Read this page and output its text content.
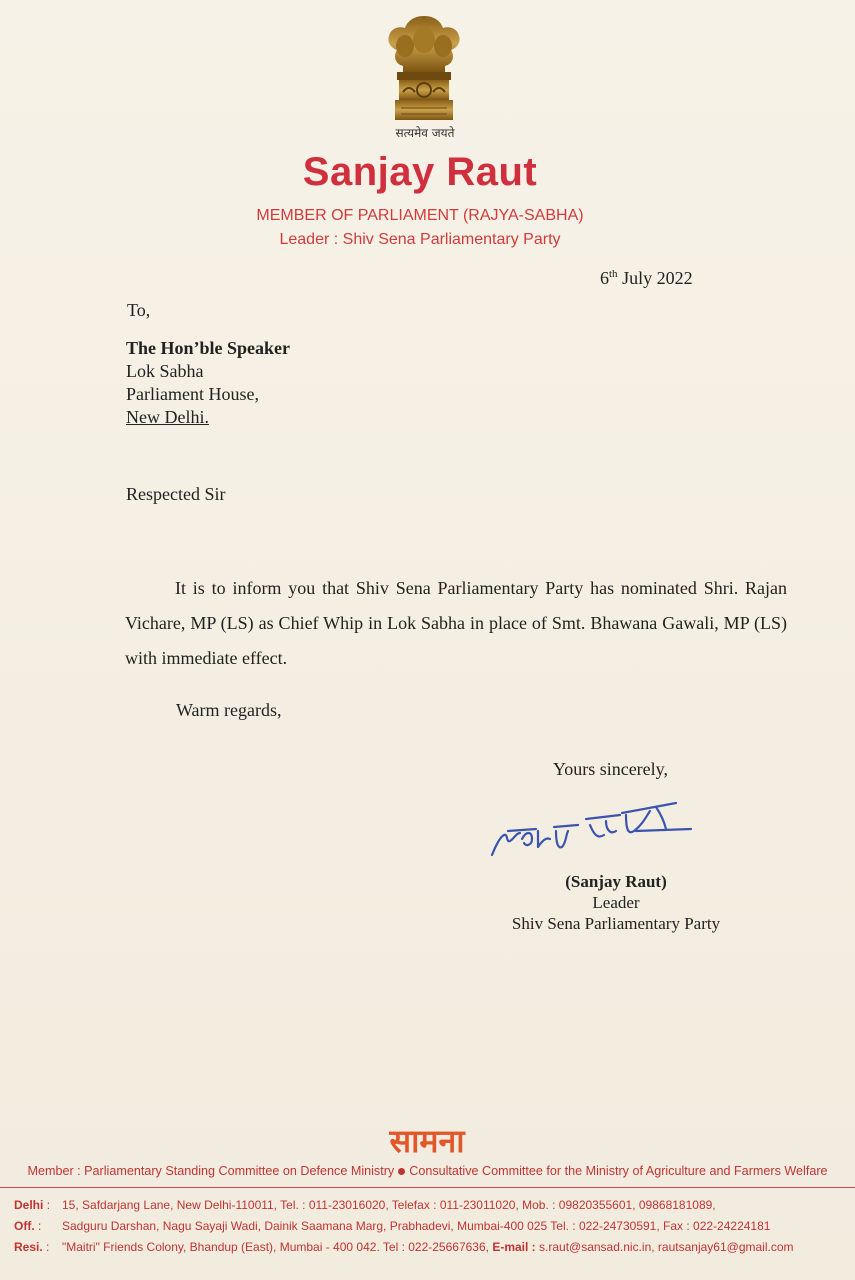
सत्यमेव जयते
Sanjay Raut
MEMBER OF PARLIAMENT (RAJYA-SABHA)
Leader : Shiv Sena Parliamentary Party
6th July 2022
To,
The Hon’ble Speaker
Lok Sabha
Parliament House,
New Delhi.
Respected Sir
It is to inform you that Shiv Sena Parliamentary Party has nominated Shri. Rajan Vichare, MP (LS) as Chief Whip in Lok Sabha in place of Smt. Bhawana Gawali, MP (LS) with immediate effect.
Warm regards,
Yours sincerely,
(Sanjay Raut)
Leader
Shiv Sena Parliamentary Party
सामना
Member : Parliamentary Standing Committee on Defence Ministry Consultative Committee for the Ministry of Agriculture and Farmers Welfare
Delhi : 15, Safdarjang Lane, New Delhi-110011, Tel. : 011-23016020, Telefax : 011-23011020, Mob. : 09820355601, 09868181089,
Off. : Sadguru Darshan, Nagu Sayaji Wadi, Dainik Saamana Marg, Prabhadevi, Mumbai-400 025 Tel. : 022-24730591, Fax : 022-24224181
Resi. : "Maitri" Friends Colony, Bhandup (East), Mumbai - 400 042. Tel : 022-25667636, E-mail : s.raut@sansad.nic.in, rautsanjay61@gmail.com
